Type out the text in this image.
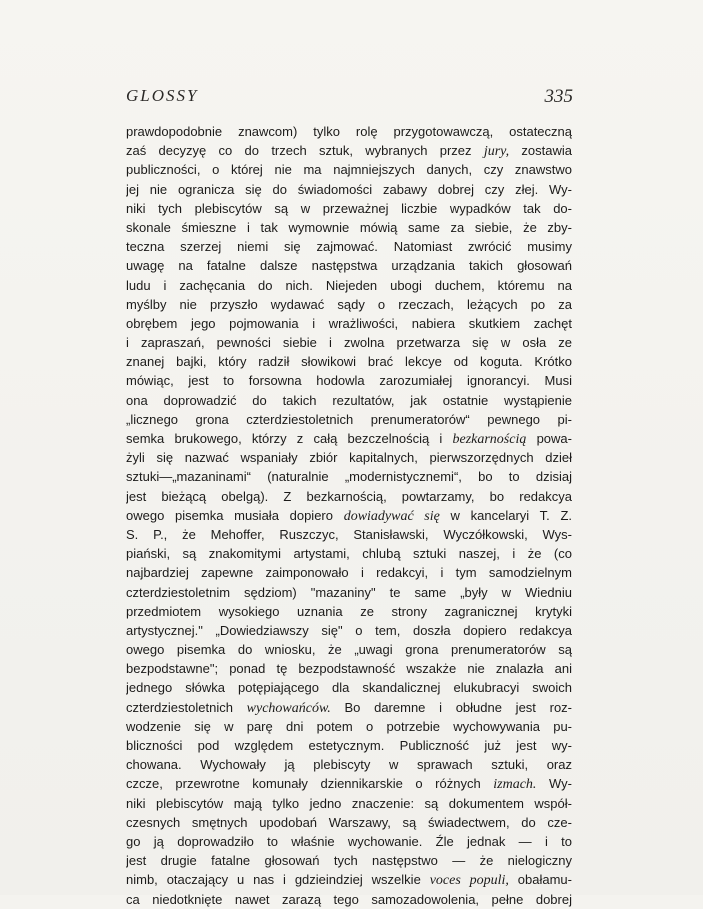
GLOSSY	335
prawdopodobnie znawcom) tylko rolę przygotowawczą, ostateczną
zaś decyzyę co do trzech sztuk, wybranych przez jury, zostawia
publiczności, o której nie ma najmniejszych danych, czy znawstwo
jej nie ogranicza się do świadomości zabawy dobrej czy złej. Wy-
niki tych plebiscytów są w przeważnej liczbie wypadków tak do-
skonale śmieszne i tak wymownie mówią same za siebie, że zby-
teczna szerzej niemi się zajmować. Natomiast zwrócić musimy
uwagę na fatalne dalsze następstwa urządzania takich głosowań
ludu i zachęcania do nich. Niejeden ubogi duchem, któremu na
myślby nie przyszło wydawać sądy o rzeczach, leżących po za
obrębem jego pojmowania i wrażliwości, nabiera skutkiem zachęt
i zapraszań, pewności siebie i zwolna przetwarza się w osła ze
znanej bajki, który radził słowikowi brać lekcye od koguta. Krótko
mówiąc, jest to forsowna hodowla zarozumiałej ignorancyi. Musi
ona doprowadzić do takich rezultatów, jak ostatnie wystąpienie
„licznego grona czterdziestoletnich prenumeratorów“ pewnego pi-
semka brukowego, którzy z całą bezczelnością i bezkarnością powa-
żyli się nazwać wspaniały zbiór kapitalnych, pierwszorzędnych dzieł
sztuki—„mazaninami“ (naturalnie „modernistycznemi“, bo to dzisiaj
jest bieżącą obelgą). Z bezkarnością, powtarzamy, bo redakcya
owego pisemka musiała dopiero dowiadywać się w kancelaryi T. Z.
S. P., że Mehoffer, Ruszczyc, Stanisławski, Wyczółkowski, Wys-
piański, są znakomitymi artystami, chlubą sztuki naszej, i że (co
najbardziej zapewne zaimponowało i redakcyi, i tym samodzielnym
czterdziestoletnim sędziom) "mazaniny" te same „były w Wiedniu
przedmiotem wysokiego uznania ze strony zagranicznej krytyki
artystycznej." „Dowiedziawszy się" o tem, doszła dopiero redakcya
owego pisemka do wniosku, że „uwagi grona prenumeratorów są
bezpodstawne"; ponad tę bezpodstawność wszakże nie znalazła ani
jednego słówka potępiającego dla skandalicznej elukubracyi swoich
czterdziestoletnich wychowańców. Bo daremne i obłudne jest roz-
wodzenie się w parę dni potem o potrzebie wychowywania pu-
bliczności pod względem estetycznym. Publiczność już jest wy-
chowana. Wychowały ją plebiscyty w sprawach sztuki, oraz
czcze, przewrotne komunały dziennikarskie o różnych izmach. Wy-
niki plebiscytów mają tylko jedno znaczenie: są dokumentem współ-
czesnych smętnych upodobań Warszawy, są świadectwem, do cze-
go ją doprowadziło to właśnie wychowanie. Źle jednak — i to
jest drugie fatalne głosowań tych następstwo — że nielogiczny
nimb, otaczający u nas i gdzieindziej wszelkie voces populi, obałamu-
ca niedotknięte nawet zarazą tego samozadowolenia, pełne dobrej
